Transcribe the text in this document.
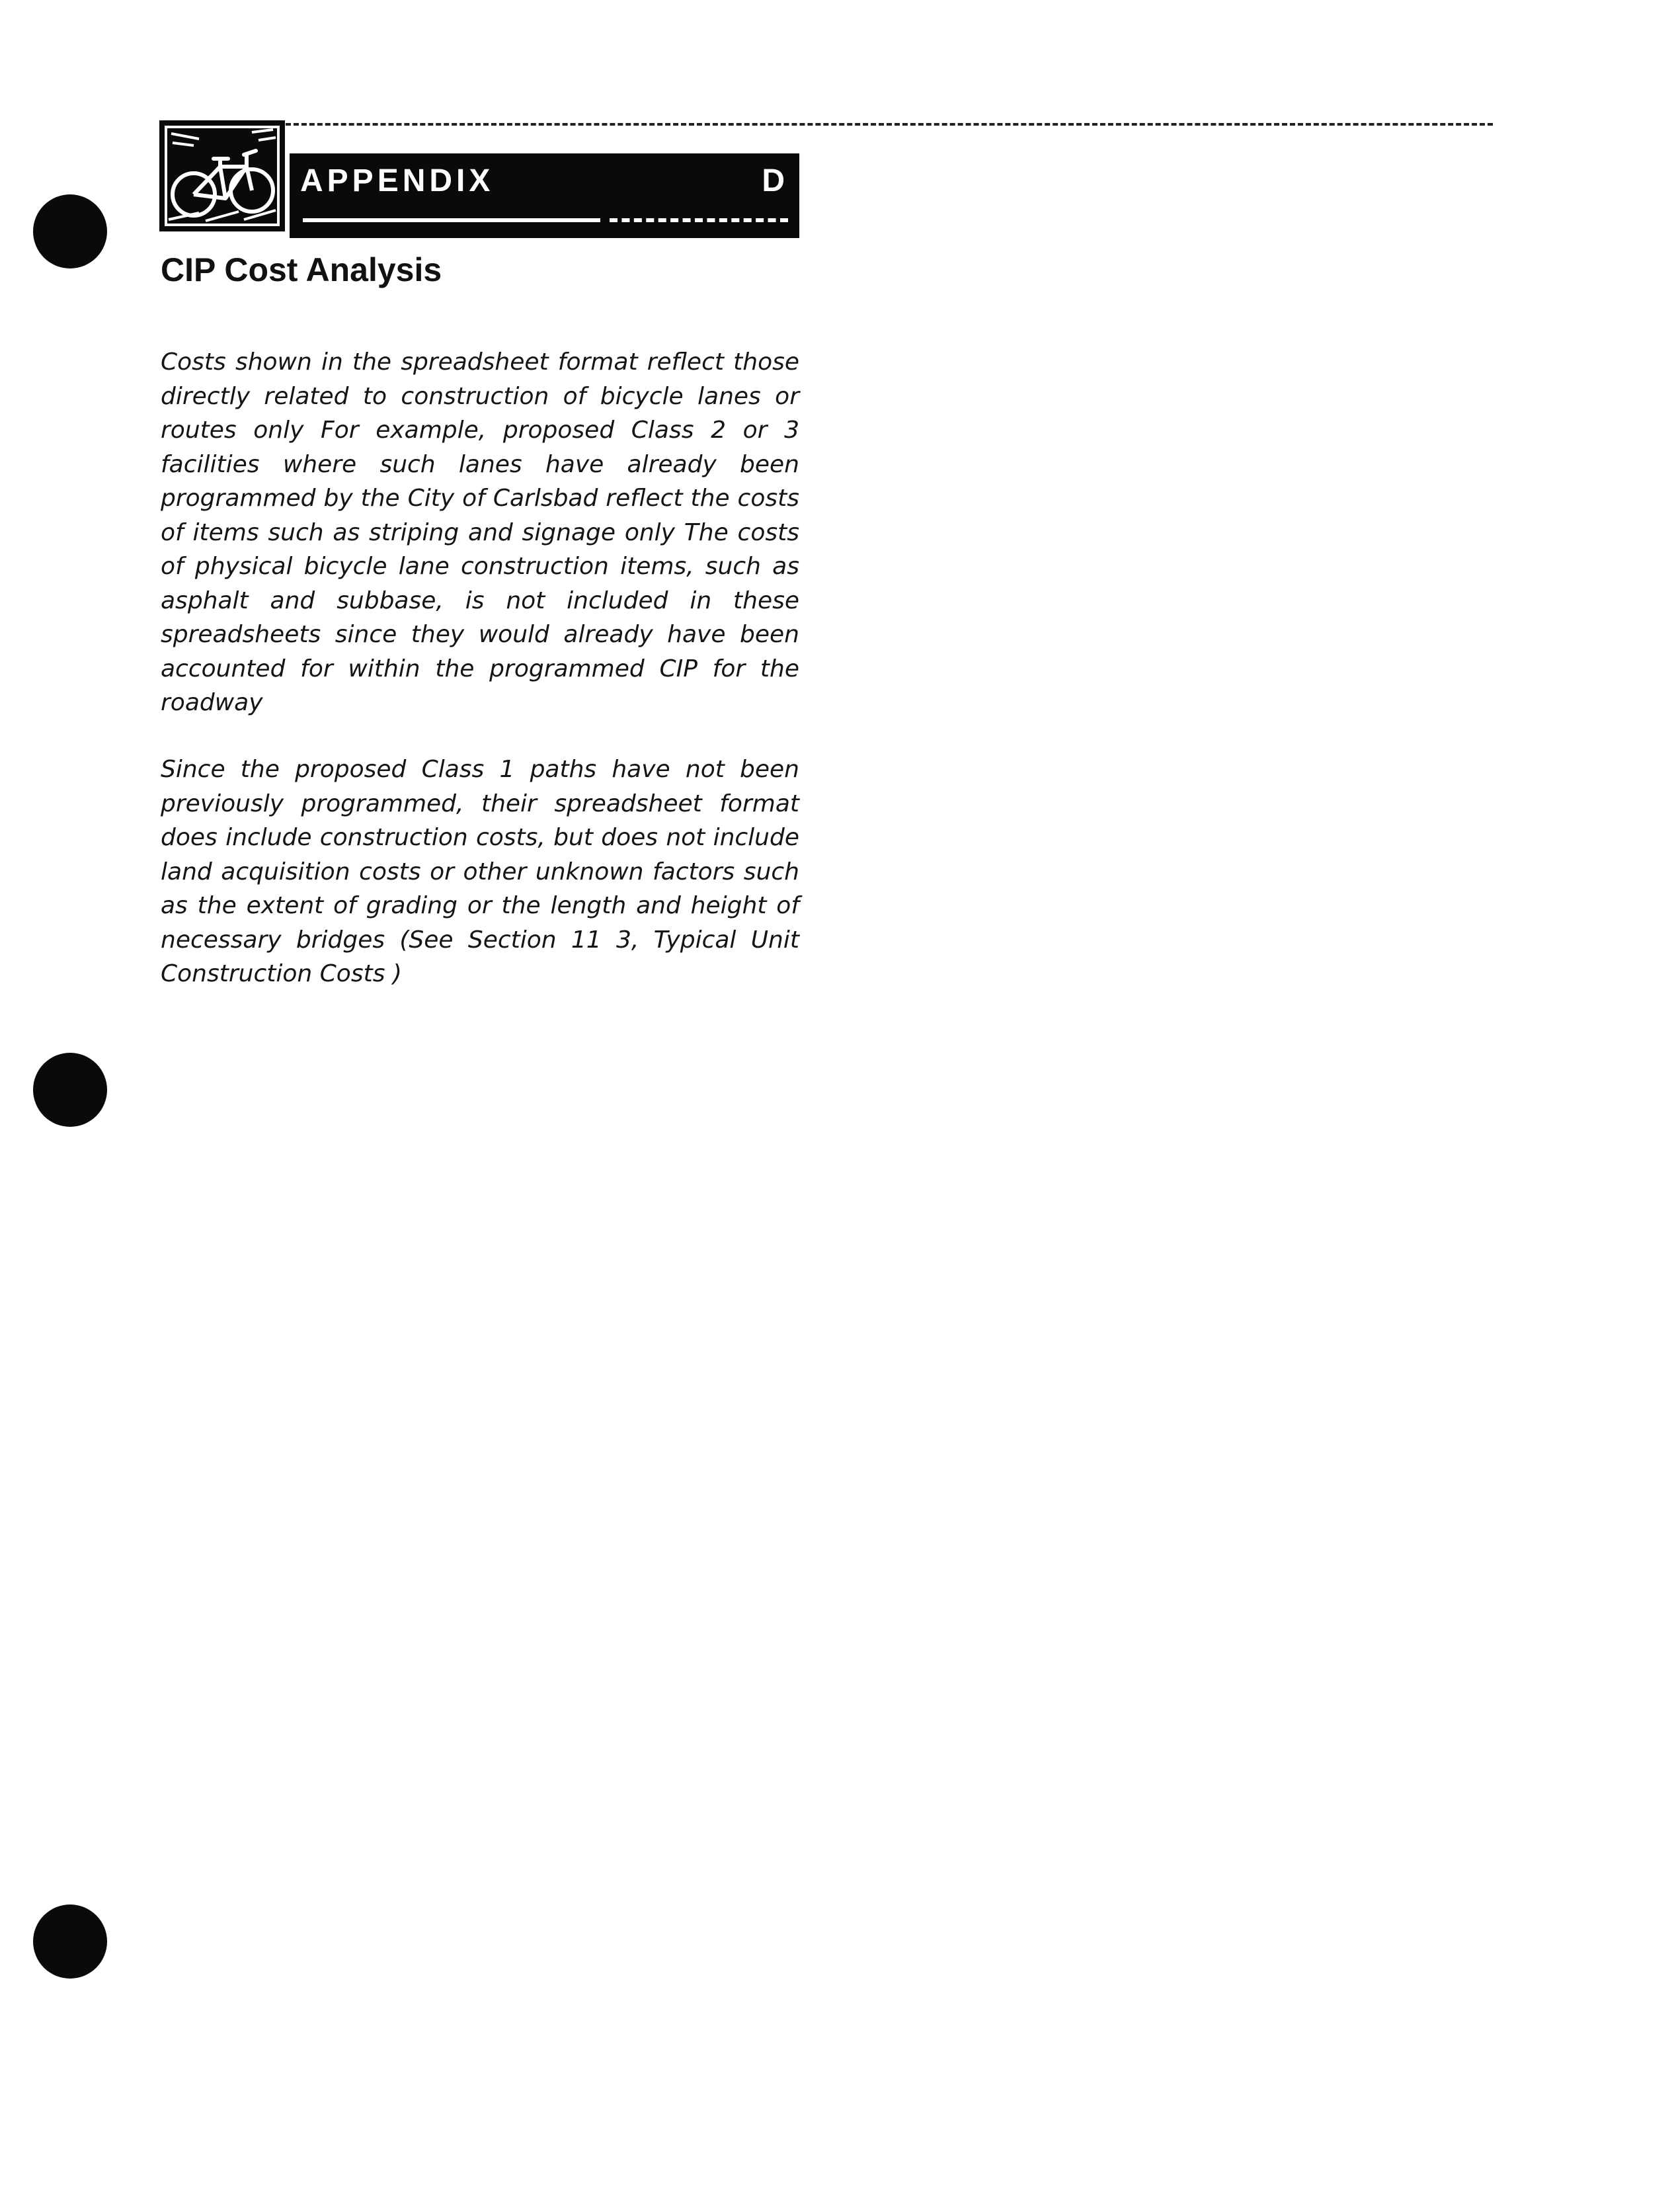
APPENDIX	D
CIP Cost Analysis

Costs shown in the spreadsheet format reflect those directly related to construction of bicycle lanes or routes only For example, proposed Class 2 or 3 facilities where such lanes have already been programmed by the City of Carlsbad reflect the costs of items such as striping and signage only The costs of physical bicycle lane construction items, such as asphalt and subbase, is not included in these spreadsheets since they would already have been accounted for within the programmed CIP for the roadway

Since the proposed Class 1 paths have not been previously programmed, their spreadsheet format does include construction costs, but does not include land acquisition costs or other unknown factors such as the extent of grading or the length and height of necessary bridges (See Section 11 3, Typical Unit Construction Costs )
